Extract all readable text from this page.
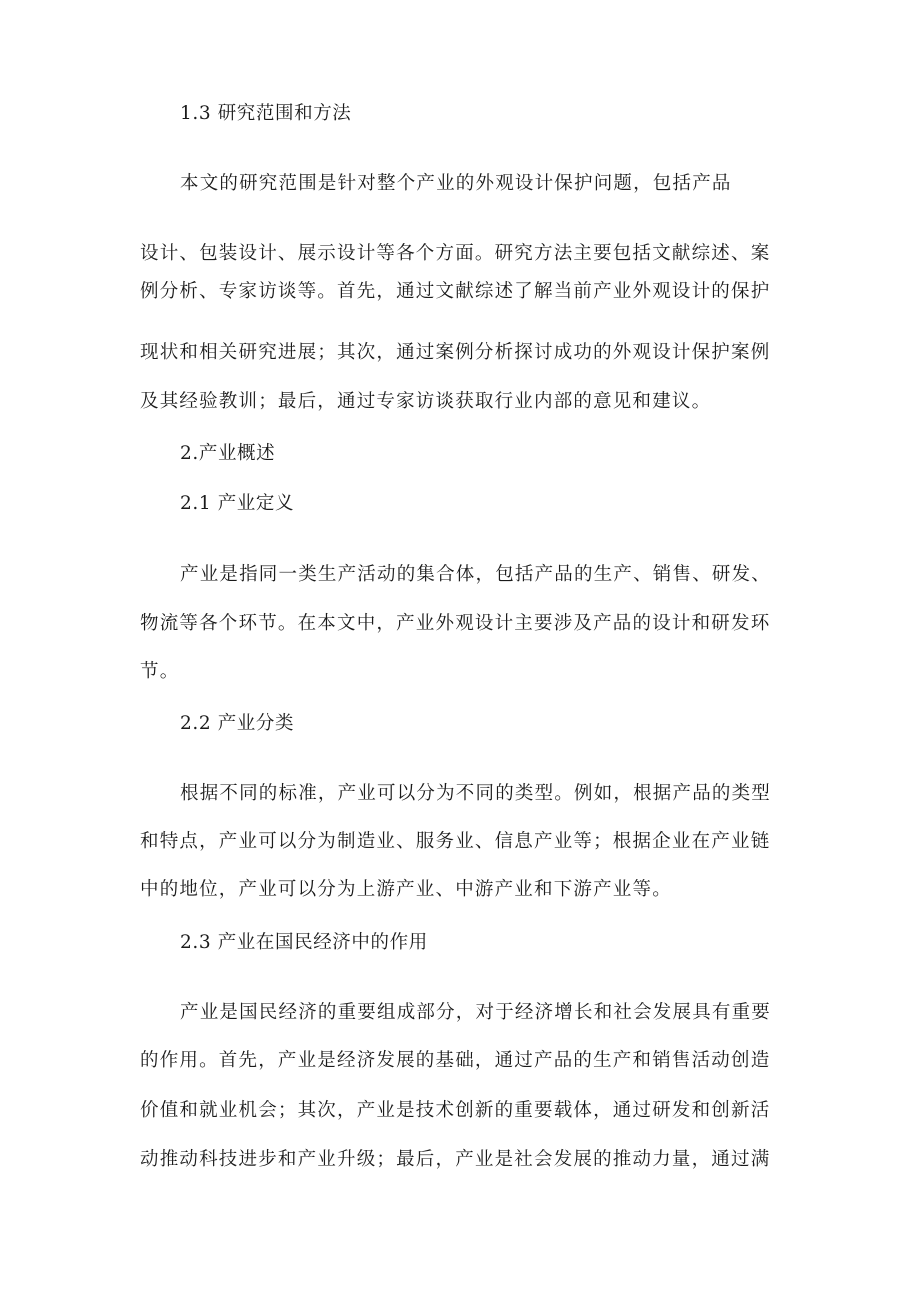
1.3 研究范围和方法
本文的研究范围是针对整个产业的外观设计保护问题，包括产品
设计、包装设计、展示设计等各个方面。研究方法主要包括文献综述、案
例分析、专家访谈等。首先，通过文献综述了解当前产业外观设计的保护
现状和相关研究进展；其次，通过案例分析探讨成功的外观设计保护案例
及其经验教训；最后，通过专家访谈获取行业内部的意见和建议。
2.产业概述
2.1 产业定义
产业是指同一类生产活动的集合体，包括产品的生产、销售、研发、
物流等各个环节。在本文中，产业外观设计主要涉及产品的设计和研发环
节。
2.2 产业分类
根据不同的标准，产业可以分为不同的类型。例如，根据产品的类型
和特点，产业可以分为制造业、服务业、信息产业等；根据企业在产业链
中的地位，产业可以分为上游产业、中游产业和下游产业等。
2.3 产业在国民经济中的作用
产业是国民经济的重要组成部分，对于经济增长和社会发展具有重要
的作用。首先，产业是经济发展的基础，通过产品的生产和销售活动创造
价值和就业机会；其次，产业是技术创新的重要载体，通过研发和创新活
动推动科技进步和产业升级；最后，产业是社会发展的推动力量，通过满
